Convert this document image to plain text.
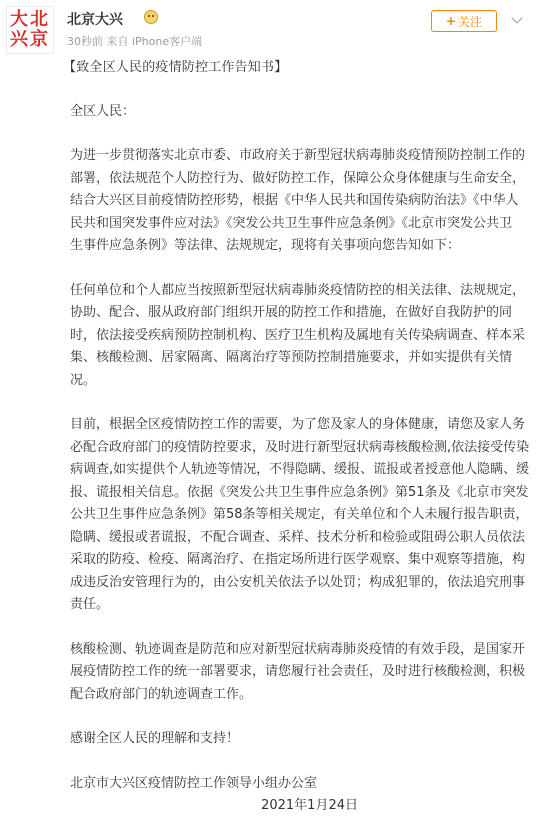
大北
兴京
北京大兴
30秒前 来自 iPhone客户端
+ 关注

【致全区人民的疫情防控工作告知书】

全区人民：

为进一步贯彻落实北京市委、市政府关于新型冠状病毒肺炎疫情预防控制工作的
部署，依法规范个人防控行为、做好防控工作，保障公众身体健康与生命安全，
结合大兴区目前疫情防控形势，根据《中华人民共和国传染病防治法》《中华人
民共和国突发事件应对法》《突发公共卫生事件应急条例》《北京市突发公共卫
生事件应急条例》等法律、法规规定，现将有关事项向您告知如下：
任何单位和个人都应当按照新型冠状病毒肺炎疫情防控的相关法律、法规规定，
协助、配合、服从政府部门组织开展的防控工作和措施，在做好自我防护的同
时，依法接受疾病预防控制机构、医疗卫生机构及属地有关传染病调查、样本采
集、核酸检测、居家隔离、隔离治疗等预防控制措施要求，并如实提供有关情
况。
目前，根据全区疫情防控工作的需要，为了您及家人的身体健康，请您及家人务
必配合政府部门的疫情防控要求，及时进行新型冠状病毒核酸检测,依法接受传染
病调查,如实提供个人轨迹等情况，不得隐瞒、缓报、谎报或者授意他人隐瞒、缓
报、谎报相关信息。依据《突发公共卫生事件应急条例》第51条及《北京市突发
公共卫生事件应急条例》第58条等相关规定，有关单位和个人未履行报告职责，
隐瞒、缓报或者谎报，不配合调查、采样、技术分析和检验或阻碍公职人员依法
采取的防疫、检疫、隔离治疗、在指定场所进行医学观察、集中观察等措施，构
成违反治安管理行为的，由公安机关依法予以处罚；构成犯罪的，依法追究刑事
责任。
核酸检测、轨迹调查是防范和应对新型冠状病毒肺炎疫情的有效手段，是国家开
展疫情防控工作的统一部署要求，请您履行社会责任，及时进行核酸检测，积极
配合政府部门的轨迹调查工作。
感谢全区人民的理解和支持！

北京市大兴区疫情防控工作领导小组办公室

2021年1月24日
